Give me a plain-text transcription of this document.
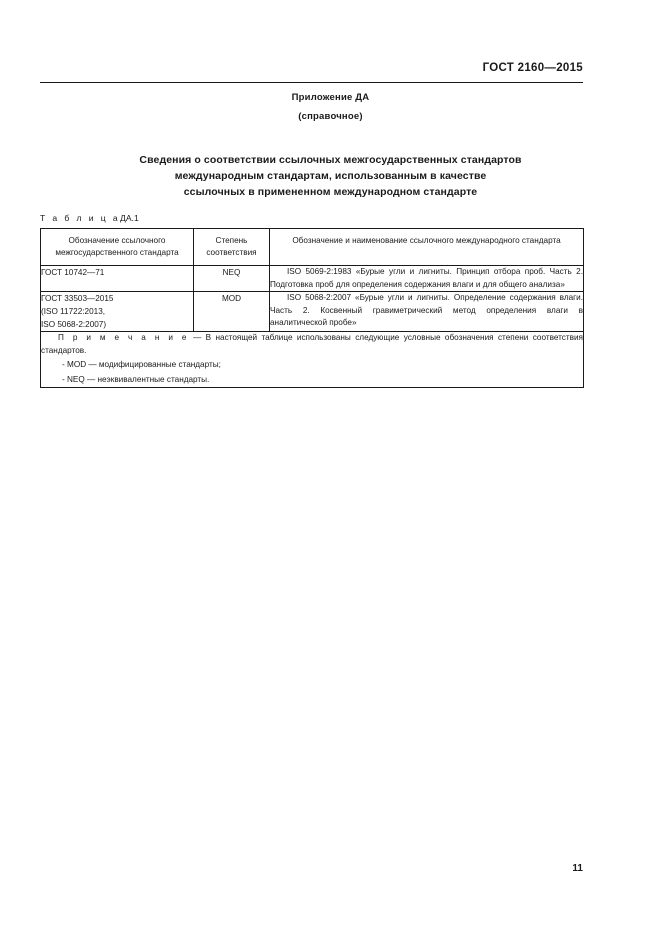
ГОСТ 2160—2015
Приложение ДА
(справочное)
Сведения о соответствии ссылочных межгосударственных стандартов
международным стандартам, использованным в качестве
ссылочных в примененном международном стандарте
Т а б л и ц аДА.1
Обозначение ссылочного межгосударственного стандарта	Степень соответствия	Обозначение и наименование ссылочного международного стандарта

ГОСТ 10742—71	NEQ	ISO 5069-2:1983 «Бурые угли и лигниты. Принцип отбора проб. Часть 2. Подготовка проб для определения содержания влаги и для общего анализа»

ГОСТ 33503—2015
(ISO 11722:2013,
ISO 5068-2:2007)	MOD	ISO 5068-2:2007 «Бурые угли и лигниты. Определение содержания влаги. Часть 2. Косвенный гравиметрический метод определения влаги в аналитической пробе»

П р и м е ч а н и е — В настоящей таблице использованы следующие условные обозначения степени соответствия стандартов.
- MOD — модифицированные стандарты;
- NEQ — неэквивалентные стандарты.		
11
